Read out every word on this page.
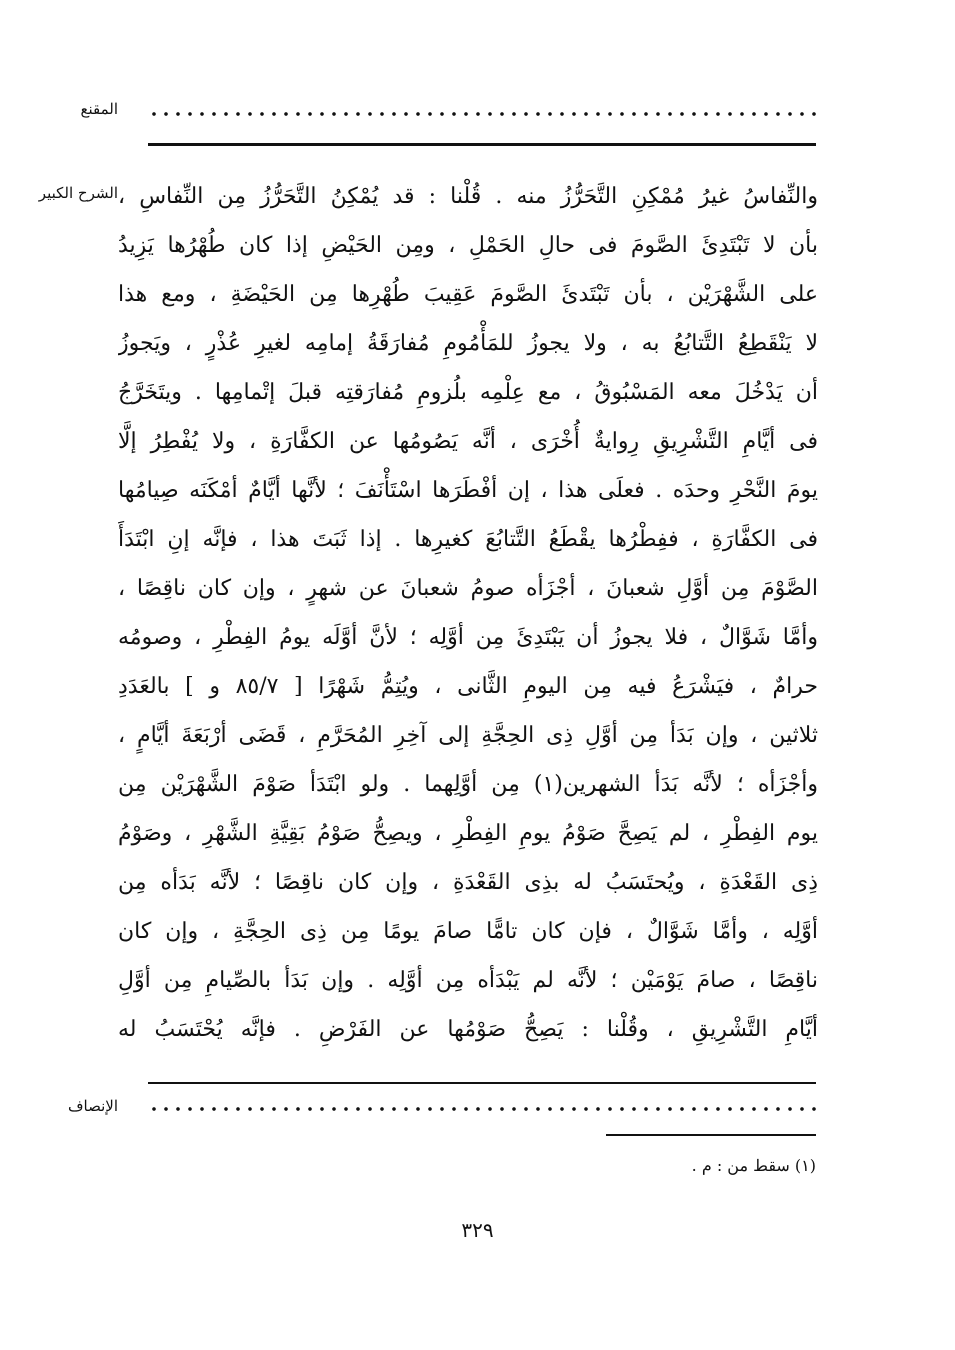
المقنع
الشرح الكبير والنِّفاسُ غيرُ مُمْكِنِ التَّحَرُّزُ منه . قُلْنا : قد يُمْكِنُ التَّحَرُّزُ مِن النِّفاسِ ،
بأن لا تَبْتَدِئَ الصَّومَ فى حالِ الحَمْلِ ، ومِن الحَيْضِ إذا كان طُهْرُها يَزِيدُ
على الشَّهْرَيْن ، بأن تَبْتَدئَ الصَّومَ عَقِيبَ طُهْرِها مِن الحَيْضَةِ ، ومع هذا
لا يَنْقَطِعُ التَّتابُعُ به ، ولا يجوزُ للمَأْمُومِ مُفارَقَةُ إمامِه لغيرِ عُذْرٍ ، ويَجوزُ
أن يَدْخُلَ معه المَسْبُوقُ ، مع عِلْمِه بلُزومِ مُفارَقتِه قبلَ إتْمامِها . ويتَخَرَّجُ
فى أيَّامِ التَّشْرِيقِ رِوايةٌ أُخْرَى ، أنَّه يَصُومُها عن الكفَّارَةِ ، ولا يُفْطِرُ إلَّا
يومَ النَّحْرِ وحدَه . فعلَى هذا ، إن أفْطَرَها اسْتَأْنَفَ ؛ لأنَّها أيَّامٌ أمْكَنَه صِيامُها
فى الكفَّارَةِ ، ففِطْرُها يقْطَعُ التَّتابُعَ كغيرِها . إذا ثَبَتَ هذا ، فإنَّه إنِ ابْتَدَأَ
الصَّوْمَ مِن أوَّلِ شعبانَ ، أجْزَأه صومُ شعبانَ عن شهرٍ ، وإن كان ناقِصًا ،
وأمَّا شَوَّالٌ ، فلا يجوزُ أن يَبْتَدِئَ مِن أوَّلِه ؛ لأنَّ أوَّلَه يومُ الفِطْرِ ، وصومُه
حرامٌ ، فيَشْرَعُ فيه مِن اليومِ الثَّانى ، ويُتِمُّ شَهْرًا [ ٨٥/٧ و ] بالعَدَدِ
ثلاثين ، وإن بَدَأ مِن أوَّلِ ذِى الحِجَّةِ إلى آخِرِ المُحَرَّمِ ، قَضَى أرْبَعَةَ أيَّامٍ ،
وأجْزَأه ؛ لأنَّه بَدَأ الشهرين(١) مِن أوَّلِهما . ولو ابْتَدَأ صَوْمَ الشَّهْرَيْن مِن
يوم الفِطْرِ ، لم يَصِحَّ صَوْمُ يومِ الفِطْرِ ، ويصِحُّ صَوْمُ بَقِيَّةِ الشَّهْرِ ، وصَوْمُ
ذِى القَعْدَةِ ، ويُحتَسَبُ له بذِى القَعْدَةِ ، وإن كان ناقِصًا ؛ لأنَّه بَدَأه مِن
أوَّلِه ، وأمَّا شَوَّالٌ ، فإن كان تامًّا صامَ يومًا مِن ذِى الحِجَّةِ ، وإن كان
ناقِصًا ، صامَ يَوْمَيْن ؛ لأنَّه لم يَبْدَأه مِن أوَّلِه . وإن بَدَأ بالصِّيامِ مِن أوَّلِ
أيَّامِ التَّشْرِيقِ ، وقُلْنا : يَصِحُّ صَوْمُها عن الفَرْضِ . فإنَّه يُحْتَسَبُ له
الإنصاف
(١) سقط من : م .
٣٢٩
